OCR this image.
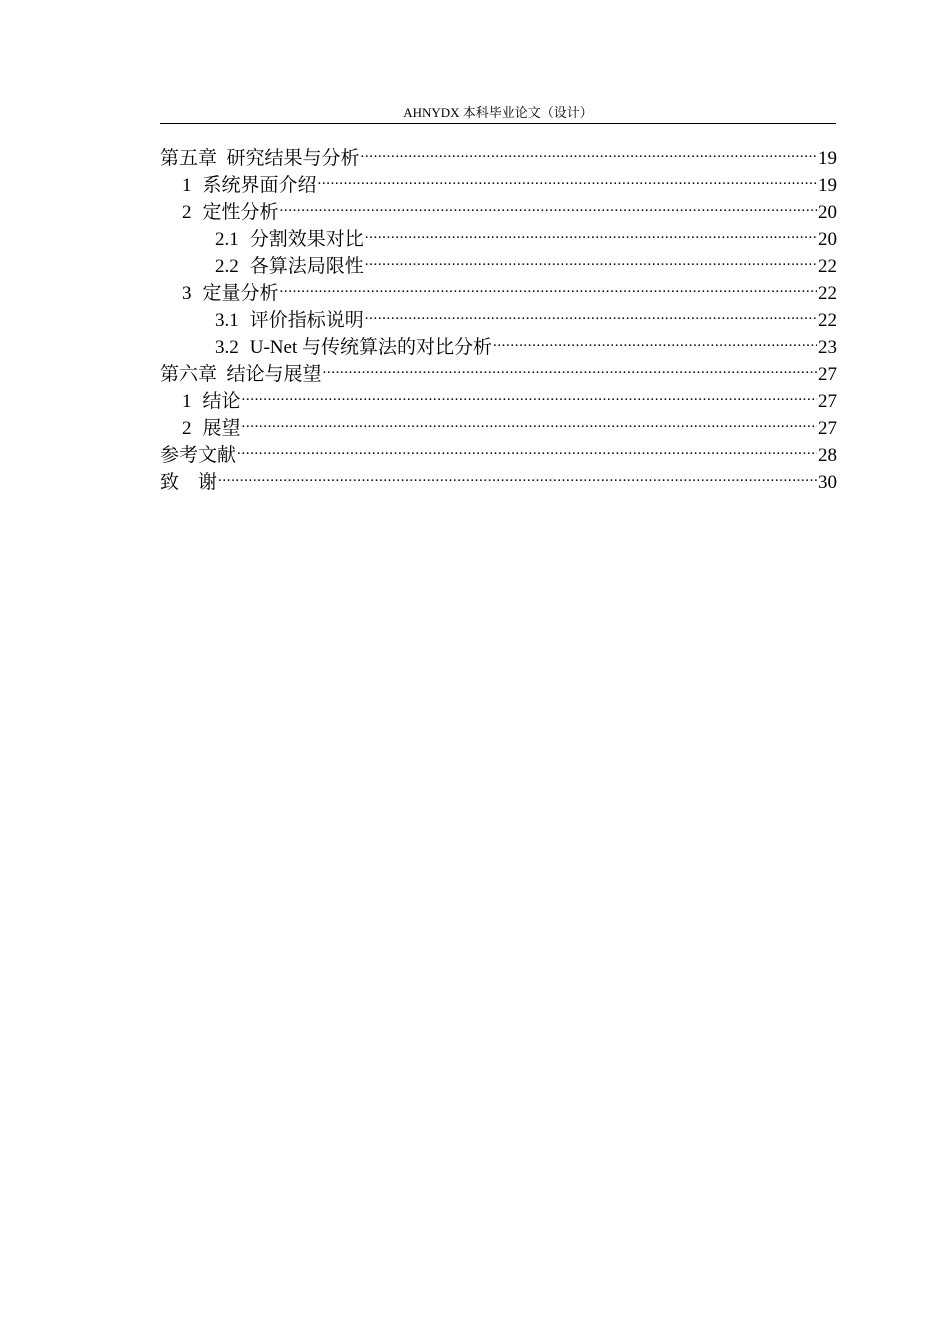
AHNYDX 本科毕业论文（设计）
第五章  研究结果与分析 .....	19
1 系统界面介绍 .....	19
2 定性分析 .....	20
2.1 分割效果对比 .....	20
2.2 各算法局限性 .....	22
3 定量分析 .....	22
3.1 评价指标说明 .....	22
3.2 U-Net 与传统算法的对比分析 .....	23
第六章  结论与展望 .....	27
1 结论 .....	27
2 展望 .....	27
参考文献 .....	28
致    谢 .....	30
